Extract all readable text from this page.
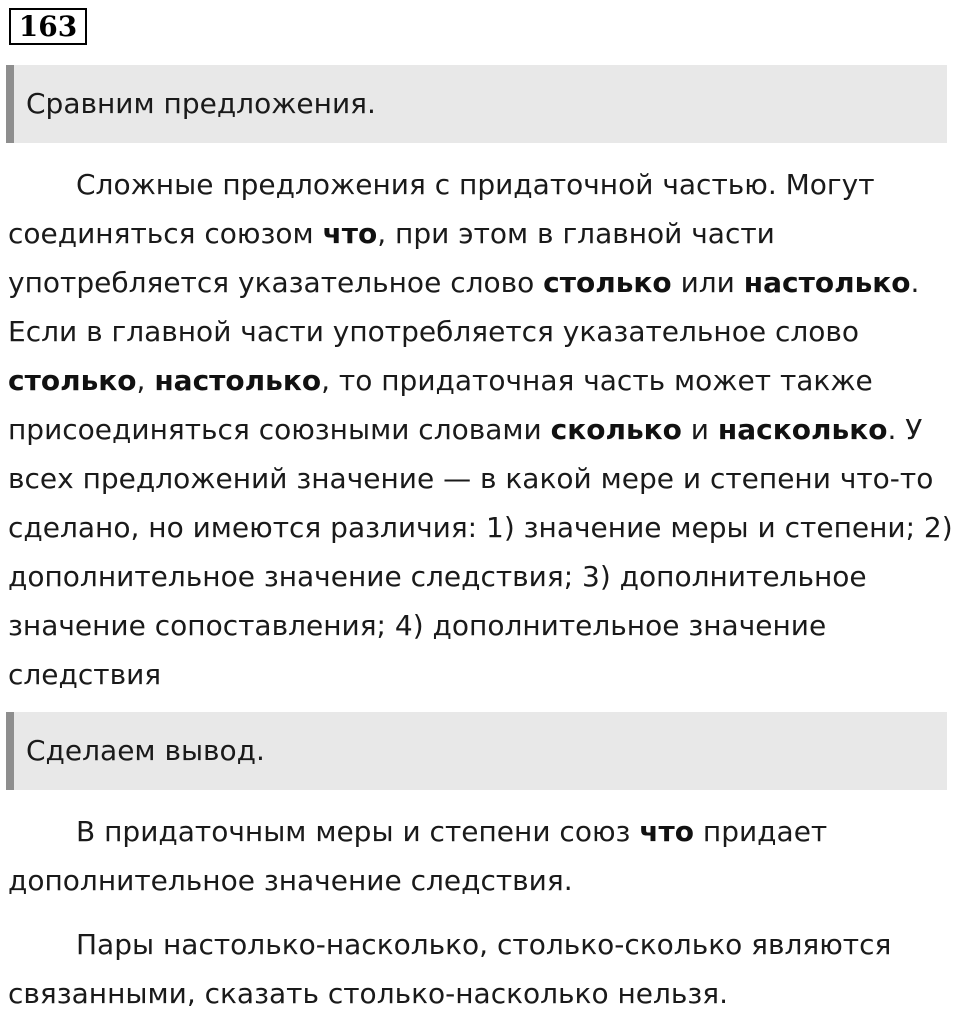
163
Сравним предложения.

Сложные предложения с придаточной частью. Могут соединяться союзом что, при этом в главной части употребляется указательное слово столько или настолько. Если в главной части употребляется указательное слово столько, настолько, то придаточная часть может также присоединяться союзными словами сколько и насколько. У всех предложений значение — в какой мере и степени что-то сделано, но имеются различия: 1) значение меры и степени; 2) дополнительное значение следствия; 3) дополнительное значение сопоставления; 4) дополнительное значение следствия

Сделаем вывод.

В придаточным меры и степени союз что придает дополнительное значение следствия.

Пары настолько-насколько, столько-сколько являются связанными, сказать столько-насколько нельзя.
